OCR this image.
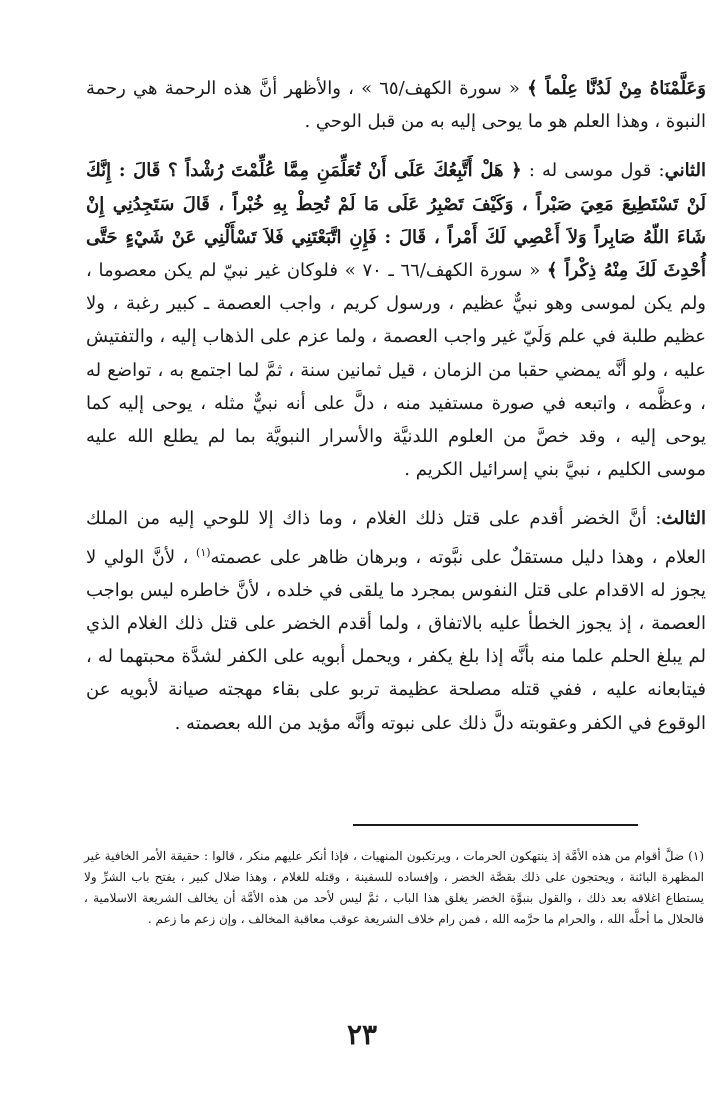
وَعَلَّمْنَاهُ مِنْ لَدُنَّا عِلْماً ﴾ « سورة الكهف/٦٥ » ، والأظهر أنَّ هذه الرحمة هي رحمة النبوة ، وهذا العلم هو ما يوحى إليه به من قبل الوحي .

الثاني: قول موسى له : ﴿ هَلْ أَتَّبِعُكَ عَلَى أَنْ تُعَلِّمَنِ مِمَّا عُلِّمْتَ رُشْداً ؟ قَالَ : إِنَّكَ لَنْ تَسْتَطِيعَ مَعِيَ صَبْراً ، وَكَيْفَ تَصْبِرُ عَلَى مَا لَمْ تُحِطْ بِهِ خُبْراً ، قَالَ سَتَجِدُنِي إِنْ شَاءَ اللّهُ صَابِراً وَلاَ أَعْصِي لَكَ أَمْراً ، قَالَ : فَإِنِ اتَّبَعْتَنِي فَلاَ تَسْأَلْنِي عَنْ شَيْءٍ حَتَّى أُحْدِثَ لَكَ مِنْهُ ذِكْراً ﴾ « سورة الكهف/٦٦ ـ ٧٠ » فلوكان غير نبيّ لم يكن معصوما ، ولم يكن لموسى وهو نبيٌّ عظيم ، ورسول كريم ، واجب العصمة ـ كبير رغبة ، ولا عظيم طلبة في علم وَلَيّ غير واجب العصمة ، ولما عزم على الذهاب إليه ، والتفتيش عليه ، ولو أنَّه يمضي حقبا من الزمان ، قيل ثمانين سنة ، ثمَّ لما اجتمع به ، تواضع له ، وعظَّمه ، واتبعه في صورة مستفيد منه ، دلَّ على أنه نبيٌّ مثله ، يوحى إليه كما يوحى إليه ، وقد خصَّ من العلوم اللدنيَّة والأسرار النبويَّة بما لم يطلع الله عليه موسى الكليم ، نبيَّ بني إسرائيل الكريم .

الثالث: أنَّ الخضر أقدم على قتل ذلك الغلام ، وما ذاك إلا للوحي إليه من الملك العلام ، وهذا دليل مستقلٌ على نبَّوته ، وبرهان ظاهر على عصمته$^{(١)}$ ، لأنَّ الولي لا يجوز له الاقدام على قتل النفوس بمجرد ما يلقى في خلده ، لأنَّ خاطره ليس بواجب العصمة ، إذ يجوز الخطأ عليه بالاتفاق ، ولما أقدم الخضر على قتل ذلك الغلام الذي لم يبلغ الحلم علما منه بأنَّه إذا بلغ يكفر ، ويحمل أبويه على الكفر لشدَّة محبتهما له ، فيتابعانه عليه ، ففي قتله مصلحة عظيمة تربو على بقاء مهجته صيانة لأبويه عن الوقوع في الكفر وعقوبته دلَّ ذلك على نبوته وأنَّه مؤيد من الله بعصمته .

(١) ضلَّ أقوام من هذه الأمَّة إذ ينتهكون الحرمات ، ويرتكبون المنهيات ، فإذا أنكر عليهم منكر ، قالوا : حقيقة الأمر الخافية غير المظهرة البائنة ، ويحتجون على ذلك بقصَّة الخضر ، وإفساده للسفينة ، وقتله للغلام ، وهذا ضلال كبير ، يفتح باب الشرِّ ولا يستطاع اغلاقه بعد ذلك ، والقول بنبوَّة الخضر يغلق هذا الباب ، ثمَّ ليس لأحد من هذه الأمَّة أن يخالف الشريعة الاسلامية ، فالحلال ما أحلَّه الله ، والحرام ما حرَّمه الله ، فمن رام خلاف الشريعة عوقب معاقبة المخالف ، وإن زعم ما زعم .

٢٣
